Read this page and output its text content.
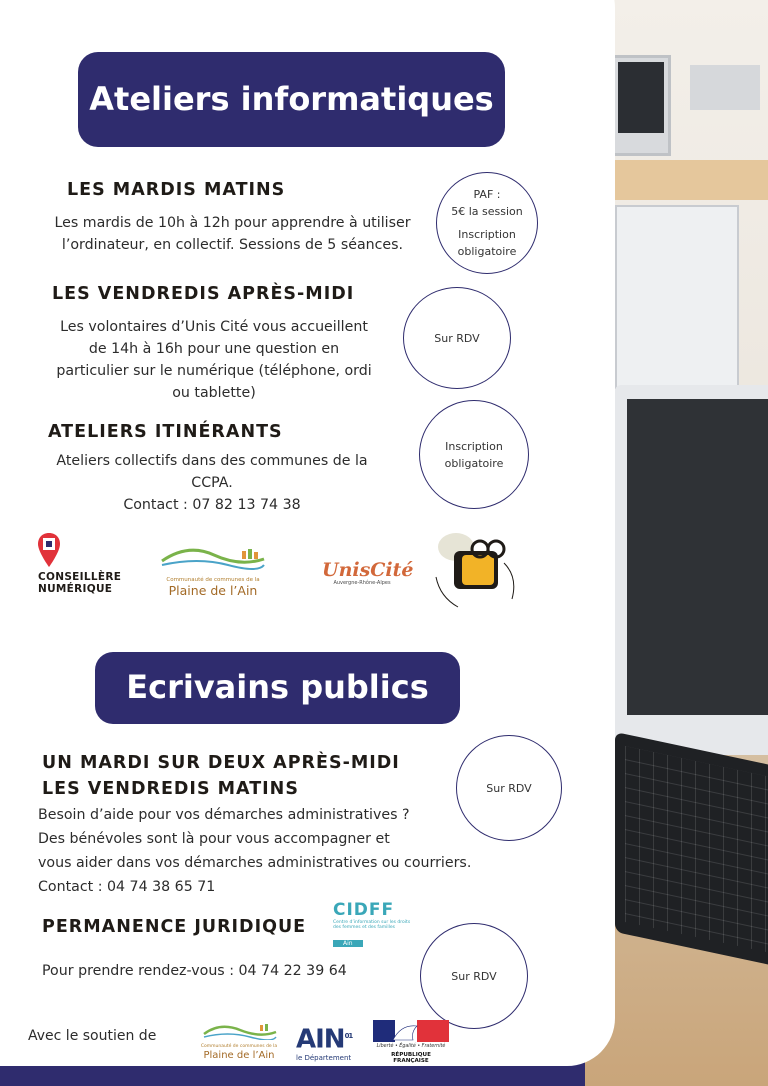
Ateliers informatiques
LES MARDIS MATINS
Les mardis de 10h à 12h pour apprendre à utiliser
l’ordinateur, en collectif. Sessions de 5 séances.
PAF :
5€ la session
Inscription
obligatoire
LES VENDREDIS APRÈS-MIDI
Les volontaires d’Unis Cité vous accueillent
de 14h à 16h pour une question en
particulier sur le numérique (téléphone, ordi
ou tablette)
Sur RDV
ATELIERS ITINÉRANTS
Ateliers collectifs dans des communes de la
CCPA.
Contact : 07 82 13 74 38
Inscription
obligatoire
CONSEILLÈRE
NUMÉRIQUE
Communauté de communes de la
Plaine de l’Ain
UnisCité
Auvergne-Rhône-Alpes
Ecrivains publics
UN MARDI SUR DEUX APRÈS-MIDI
LES VENDREDIS MATINS
Besoin d’aide pour vos démarches administratives ?
Des bénévoles sont là pour vous accompagner et
vous aider dans vos démarches administratives ou courriers.
Contact : 04 74 38 65 71
Sur RDV
PERMANENCE JURIDIQUE
CIDFF
Centre d’information sur les droits des femmes et des familles
Ain
Pour prendre rendez-vous : 04 74 22 39 64	Sur RDV
Avec le soutien de
Communauté de communes de la
Plaine de l’Ain
AIN$^{01}$
le Département
Liberté • Égalité • Fraternité
RÉPUBLIQUE FRANÇAISE
